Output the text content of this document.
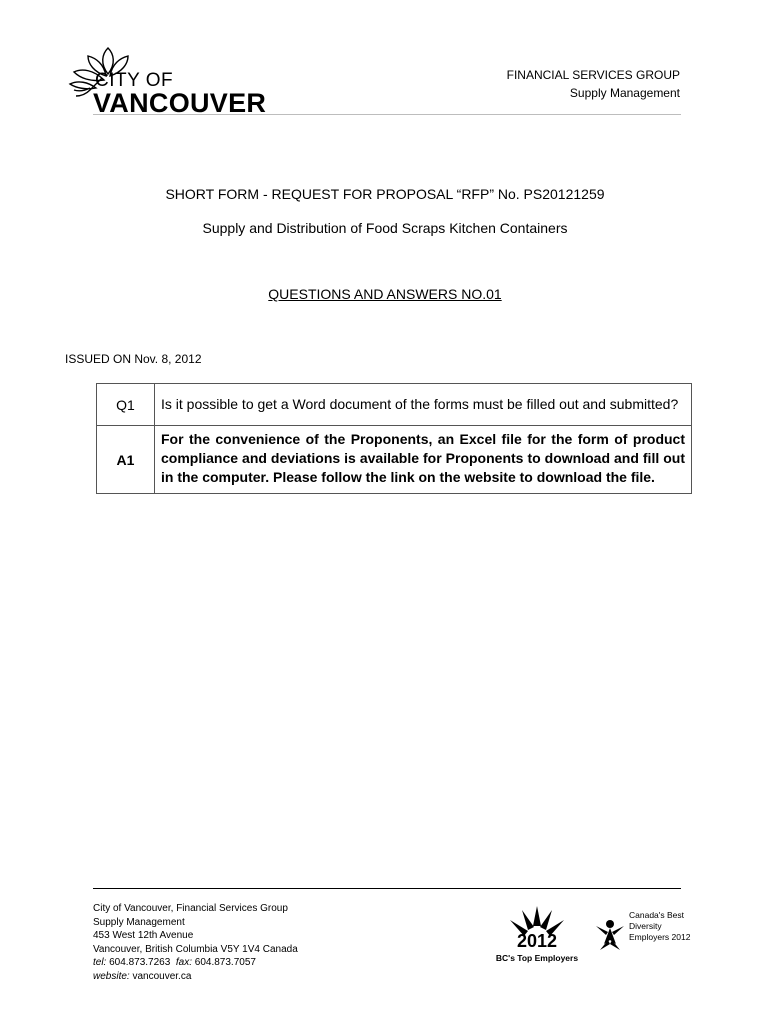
CITY OF
VANCOUVER
FINANCIAL SERVICES GROUP
Supply Management
SHORT FORM - REQUEST FOR PROPOSAL “RFP” No. PS20121259
Supply and Distribution of Food Scraps Kitchen Containers
QUESTIONS AND ANSWERS NO.01
ISSUED ON Nov. 8, 2012
Q1	Is it possible to get a Word document of the forms must be filled out and submitted?
A1	For the convenience of the Proponents, an Excel file for the form of product compliance and deviations is available for Proponents to download and fill out in the computer. Please follow the link on the website to download the file.
City of Vancouver, Financial Services Group
Supply Management
453 West 12th Avenue
Vancouver, British Columbia V5Y 1V4 Canada
tel: 604.873.7263 fax: 604.873.7057
website: vancouver.ca
2012
BC's Top Employers
Canada's Best
Diversity
Employers 2012
